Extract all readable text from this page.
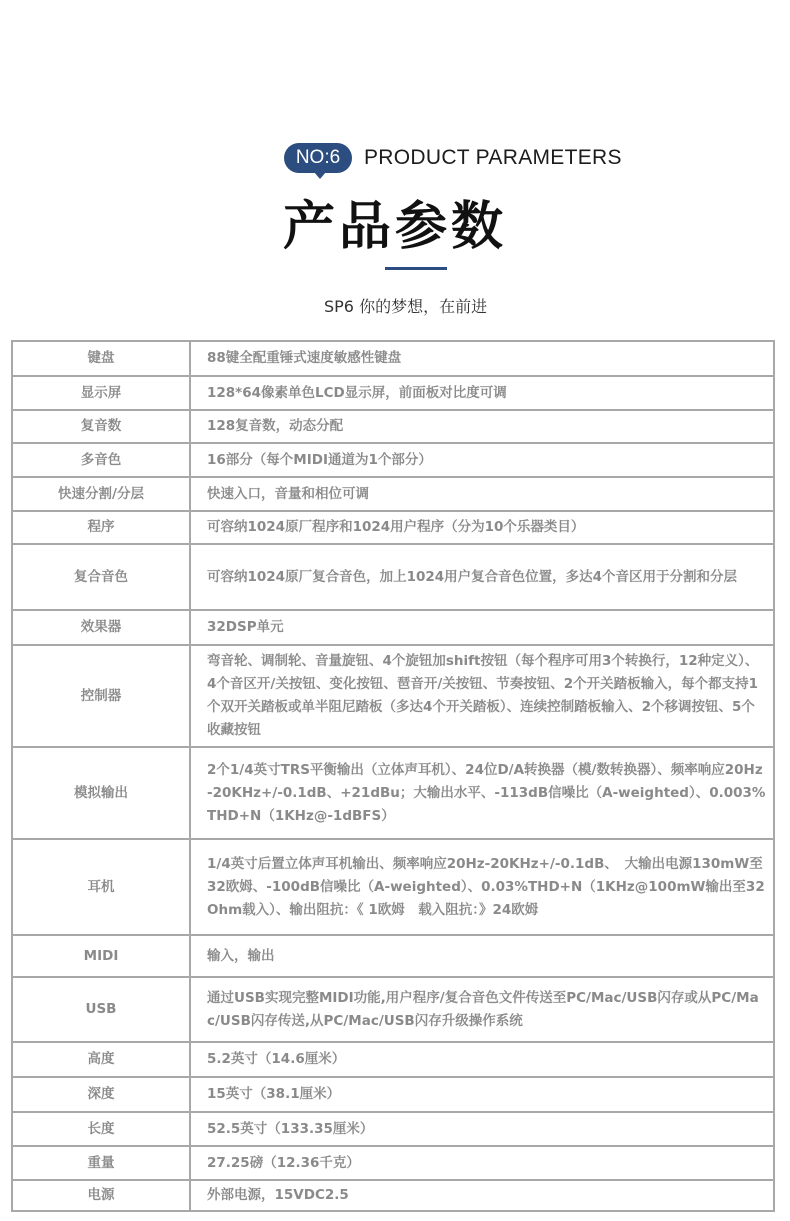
NO:6	PRODUCT PARAMETERS
产品参数
SP6 你的梦想，在前进
键盘	88键全配重锤式速度敏感性键盘
显示屏	128*64像素单色LCD显示屏，前面板对比度可调
复音数	128复音数，动态分配
多音色	16部分（每个MIDI通道为1个部分）
快速分割/分层	快速入口，音量和相位可调
程序	可容纳1024原厂程序和1024用户程序（分为10个乐器类目）
复合音色	可容纳1024原厂复合音色，加上1024用户复合音色位置，多达4个音区用于分割和分层
效果器	32DSP单元
控制器	弯音轮、调制轮、音量旋钮、4个旋钮加shift按钮（每个程序可用3个转换行，12种定义）、4个音区开/关按钮、变化按钮、琶音开/关按钮、节奏按钮、2个开关踏板输入，每个都支持1个双开关踏板或单半阻尼踏板（多达4个开关踏板）、连续控制踏板输入、2个移调按钮、5个收藏按钮
模拟输出	2个1/4英寸TRS平衡输出（立体声耳机）、24位D/A转换器（模/数转换器）、频率响应20Hz-20KHz+/-0.1dB、+21dBu；大输出水平、-113dB信噪比（A-weighted）、0.003%THD+N（1KHz@-1dBFS）
耳机	1/4英寸后置立体声耳机输出、频率响应20Hz-20KHz+/-0.1dB、　大输出电源130mW至32欧姆、-100dB信噪比（A-weighted）、0.03%THD+N（1KHz@100mW输出至32Ohm载入）、输出阻抗：《 1欧姆　载入阻抗：》24欧姆
MIDI	输入，输出
USB	通过USB实现完整MIDI功能,用户程序/复合音色文件传送至PC/Mac/USB闪存或从PC/Mac/USB闪存传送,从PC/Mac/USB闪存升级操作系统
高度	5.2英寸（14.6厘米）
深度	15英寸（38.1厘米）
长度	52.5英寸（133.35厘米）
重量	27.25磅（12.36千克）
电源	外部电源，15VDC2.5
